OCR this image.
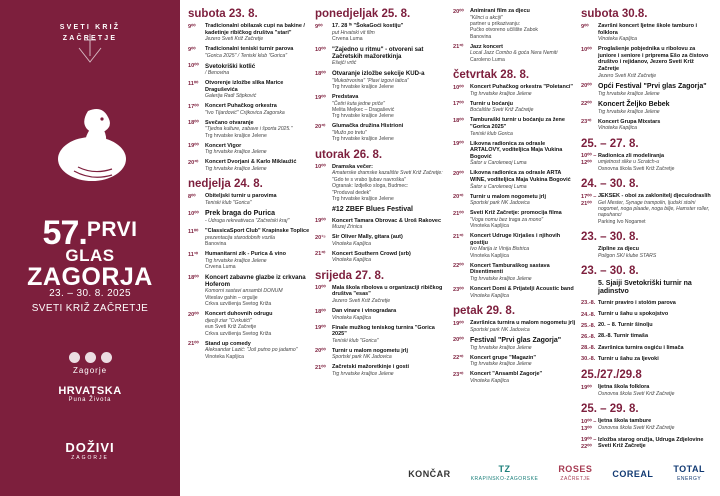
SVETI KRIŽ
ZAČRETJE
57.PRVI
GLAS
ZAGORJA
23. – 30. 8. 2025
SVETI KRIŽ ZAČRETJE
Zagorje
HRVATSKA
Puna Života
DOŽIVI
ZAGORJE
subota 23. 8.
9⁰⁰	Tradicionalni obilazak cupi na bakine / kadetinje ribičkog društva "stari"
Jezero Sveti Križ Začretje
9⁰⁰	Tradicionalni teniski turnir parova
"Gorica 2025" / Teniski klub "Gorica"
10⁰⁰	Svetokriški kotlić
/ Benovina
11⁰⁰	Otvorenje izložbe slika Marice Draguševića
Galerija Radi Stipković
17⁰⁰	Koncert Puhačkog orkestra
"Ivo Tijardović" Crijkovica Zagorska
18⁰⁰	Svečano otvaranje
"Tjedna kulture, zabave i športa 2025."
Trg hrvatske kraljice Jelene
19⁰⁰	Koncert Vigor
Trg hrvatske kraljice Jelene
20³⁰	Koncert Dvorjani & Karlo Miklaužić
Trg hrvatske kraljice Jelene
nedjelja 24. 8.
8⁰⁰	Obiteljski turnir u parovima
Teniski klub "Gorica"
10⁰⁰ Prek braga do Purica
- Udruga rekreativaca "Začretski kraj"
11⁰⁰	"ClassicaSport Club" Krapinske Toplice
prezentacija starodobnih vozila
Banovina
11³⁰	Humanitarni zik - Purica & vino
Trg hrvatske kraljice Jelene
Crvena Luma
18⁰⁰	Koncert zabavne glazbe iz crkvana Hoferom
Komorni sastavi ansambl DONUM
Viteslav gahin – orgulje
Crkva uzvišenja Svetog Križa
20⁰⁰	Koncert duhovnih odrugu
djeciji ziar "Cvrkutići"
eun Sveti Križ Začretje
Crkva uzvišenja Svetog Križa
21⁰⁰	Stand up comedy
Aleksandar Lazić: "Još putno po jadamo"
Vinoteka Kapljica
ponedjeljak 25. 8.
9⁰⁰	17. 28 ᵗʰ "ŠokaGoći kostiju"
put Hrvatski vit film
Crvena Luma
10⁰⁰	"Zajedno u ritmu" - otvoreni sat Začretskih mažoretkinja
Ešejči vrtić
18⁰⁰	Otvaranje izložbe sekcije KUD-a
"Mukotrvorina" "Plavi izgovi latica"
Trg hrvatske kraljice Jelene
19⁰⁰	Predstava
"Četiri kuta jedne priče"
Melita Mejkec – Dragašević
Trg hrvatske kraljice Jelene
20³⁰	Glumačka družina Histrioni
"Mužo po tretu"
Trg hrvatske kraljice Jelene
utorak 26. 8.
10⁰⁰	Dramska večer:
Amaterske dramske kazalište Sveti Križ Začretje:
"Gdo te s vrabo ljubav navroška"
Ogranak: Izdjelko sloga, Budmec:
"Produval dedek"
Trg hrvatske kraljice Jelene
#12 ZBEF Blues Festival
19⁰⁰	Koncert Tamara Obrovac & Uroš Rakovec
Muzej Zrinica
20¹⁵	Sir Oliver Mally, gitara (aut)
Vinoteka Kapljica
21³⁰	Koncert Southern Crowd (srb)
Vinoteka Kapljica
srijeda 27. 8.
10⁰⁰	Mala škola ribolova u organizaciji ribičkog društva "esas"
Jezero Sveti Križ Začretje
18⁰⁰	Dan vinare i vinogradara
Vinoteka Kapljica
19⁰⁰	Finale mužkog teniskog turnira "Gorica 2025"
Teniski klub "Gorica"
20⁰⁰	Turnir u malom nogometu јrlj
Sportski park NK Jadovica
21⁰⁰	Začretski mažoretkinje i gosti
Trg hrvatske kraljice Jelene
20⁰⁰	Animirani film za djecu
"Klinci u akciji"
partner u prikazivanju:
Pučko otvoreno učilište Zabok
Banovina
21³⁰	Jazz koncert
Local Jazz Combo & goća Nera Nemiti
Caroleno Luma
četvrtak 28. 8.
10⁰⁰	Koncert Puhačkog orkestra "Poletanci"
Trg hrvatske kraljice Jelene
17⁰⁰	Turnir u boćanju
Boćalište Sveti Križ Začretje
18⁰⁰	Tamburaški turnir u boćanju za žene "Gorica 2025"
Teniski klub Gorica
19⁰⁰	Likovna radionica za odrasle ARTALOVY, voditeljica Maja Vukina Bogović
Šator u Caroleneoj Luma
20⁰⁰	Likovna radionica za odrasle ARTA WINE, voditeljica Maja Vukina Bogović
Šator u Caroleneoj Luma
20³⁰	Turnir u malom nogometu јrlj
Sportski park NK Jadovica
21⁰⁰	Sveti Križ Začretje: promocija filma
"Voga nomu bez traga za mono"
Vinoteka Kapljica
21³⁰	Koncert Udruge Kirjašes i njihovih gostiju
Ivo Marija iz Vinija Bistrica
Vinoteka Kapljica
22⁰⁰	Koncert Tamburaškog sastava Dixentimenti
Trg hrvatske kraljice Jelene
23⁰⁰	Koncert Domi & Prijatelji Acoustic band
Vinoteka Kapljica
petak 29. 8.
19⁰⁰	Završnica turnira u malom nogometu јrlj
Sportski park NK Jadovica
20⁰⁰ Festival "Prvi glas Zagorja"
Trg hrvatske kraljice Jelene
22³⁰	Koncert grupe "Magazin"
Trg hrvatske kraljice Jelene
23³⁰	Koncert "Ansambl Zagorje"
Vinoteka Kapljica
subota 30.8.
9⁰⁰	Završni koncert Ijetne škole tamburo i folklora
Vinoteka Kapljica
10⁰⁰	Proglašenje pobjednika u ribolovu za juniore i seniore i priprema Ešo za čistovo društvo i rejidanov, Jezero Sveti Križ Začretje
Jezero Sveti Križ Začretje
20⁰⁰ Opći Festival "Prvi glas Zagorja"
Trg hrvatske kraljice Jelene
22⁰⁰ Koncert Željko Bebek
Trg hrvatske kraljice Jelene
23³⁰	Koncert Grupa Mixstars
Vinoteka Kapljica
25. – 27. 8.
10⁰⁰ – 12⁰⁰
Radionica zli modeliranja
umjetnost slike u Scratch-u
Osnovna škola Sveti Križ Začretje
24. – 30. 8.
17⁰⁰ – 21⁰⁰
JEKSEK - oboi za zaklonitelj djecu/odraslih
Gel Mester, Synage trampolin, ljudski stolni nogomet, noga plaade, noga bilje, Hamster roller, napuhanci
Parking Ivo Nogamet
23. – 30. 8.
Zipline za djecu
Poligon SKI klube STARS
23. – 30. 8.
5. Sjaiji Svetokriški turnir na jadinstvo
23.-8. Turnir praviro i stolóm parova
24.-8. Turnir u šahu u spokojstvo
25.-8. 20. – 8. Turnir šinolju
26.-8. 28.-8. Turnir timaša
28.-8. Završnica turnira osgiću i limača
30.-8. Turnir u šahu za ljevoki
25./27./29.8
19⁰⁰	Ijetna škola folklora
Osnovna škola Sveti Križ Začretje
25. – 29. 8.
10⁰⁰ – 13⁰⁰
Ijetna škola tambure
Osnovna škola Sveti Križ Začretje
19⁰⁰ – 22⁰⁰
Izložba starog oružja, Udruga Zdjelovine Sveti Križ Začretje
KONČAR	TZ
KRAPINSKO-ZAGORSKE
ROSES
ZAČRETJE COREAL TOTAL
ENERGY
